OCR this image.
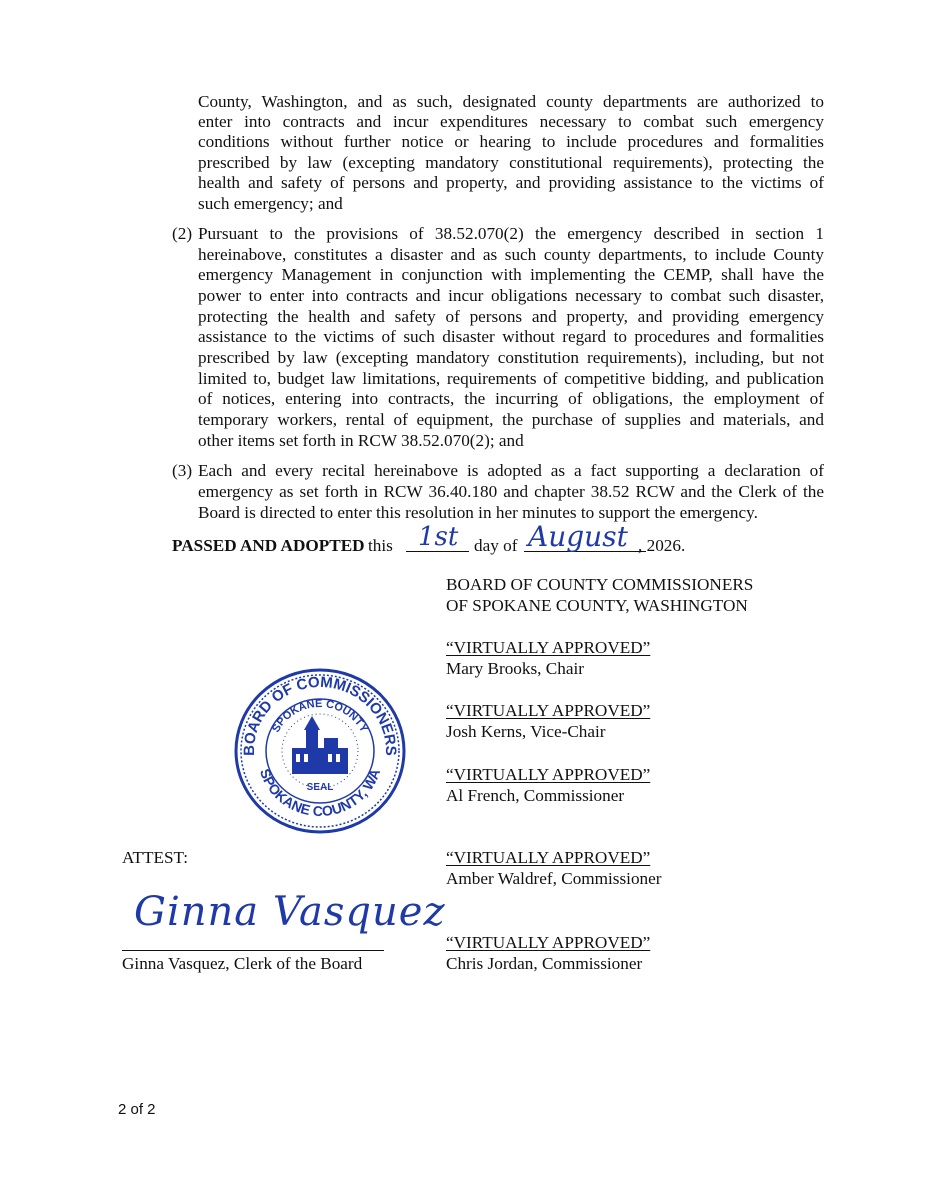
County, Washington, and as such, designated county departments are authorized to
enter into contracts and incur expenditures necessary to combat such emergency
conditions without further notice or hearing to include procedures and formalities
prescribed by law (excepting mandatory constitutional requirements), protecting the
health and safety of persons and property, and providing assistance to the victims of
such emergency; and
(2) Pursuant to the provisions of 38.52.070(2) the emergency described in section 1
hereinabove, constitutes a disaster and as such county departments, to include County
emergency Management in conjunction with implementing the CEMP, shall have the
power to enter into contracts and incur obligations necessary to combat such disaster,
protecting the health and safety of persons and property, and providing emergency
assistance to the victims of such disaster without regard to procedures and formalities
prescribed by law (excepting mandatory constitution requirements), including, but not
limited to, budget law limitations, requirements of competitive bidding, and publication
of notices, entering into contracts, the incurring of obligations, the employment of
temporary workers, rental of equipment, the purchase of supplies and materials, and
other items set forth in RCW 38.52.070(2); and
(3) Each and every recital hereinabove is adopted as a fact supporting a declaration of
emergency as set forth in RCW 36.40.180 and chapter 38.52 RCW and the Clerk of the
Board is directed to enter this resolution in her minutes to support the emergency.
PASSED AND ADOPTED this 1st day of August , 2026.
BOARD OF COUNTY COMMISSIONERS
OF SPOKANE COUNTY, WASHINGTON
“VIRTUALLY APPROVED”
Mary Brooks, Chair
“VIRTUALLY APPROVED”
Josh Kerns, Vice-Chair
“VIRTUALLY APPROVED”
Al French, Commissioner
“VIRTUALLY APPROVED”
Amber Waldref, Commissioner
“VIRTUALLY APPROVED”
Chris Jordan, Commissioner
BOARD OF COMMISSIONERS
SPOKANE COUNTY
SPOKANE COUNTY, WA
SEAL
ATTEST:
Ginna Vasquez
Ginna Vasquez, Clerk of the Board
2 of 2
